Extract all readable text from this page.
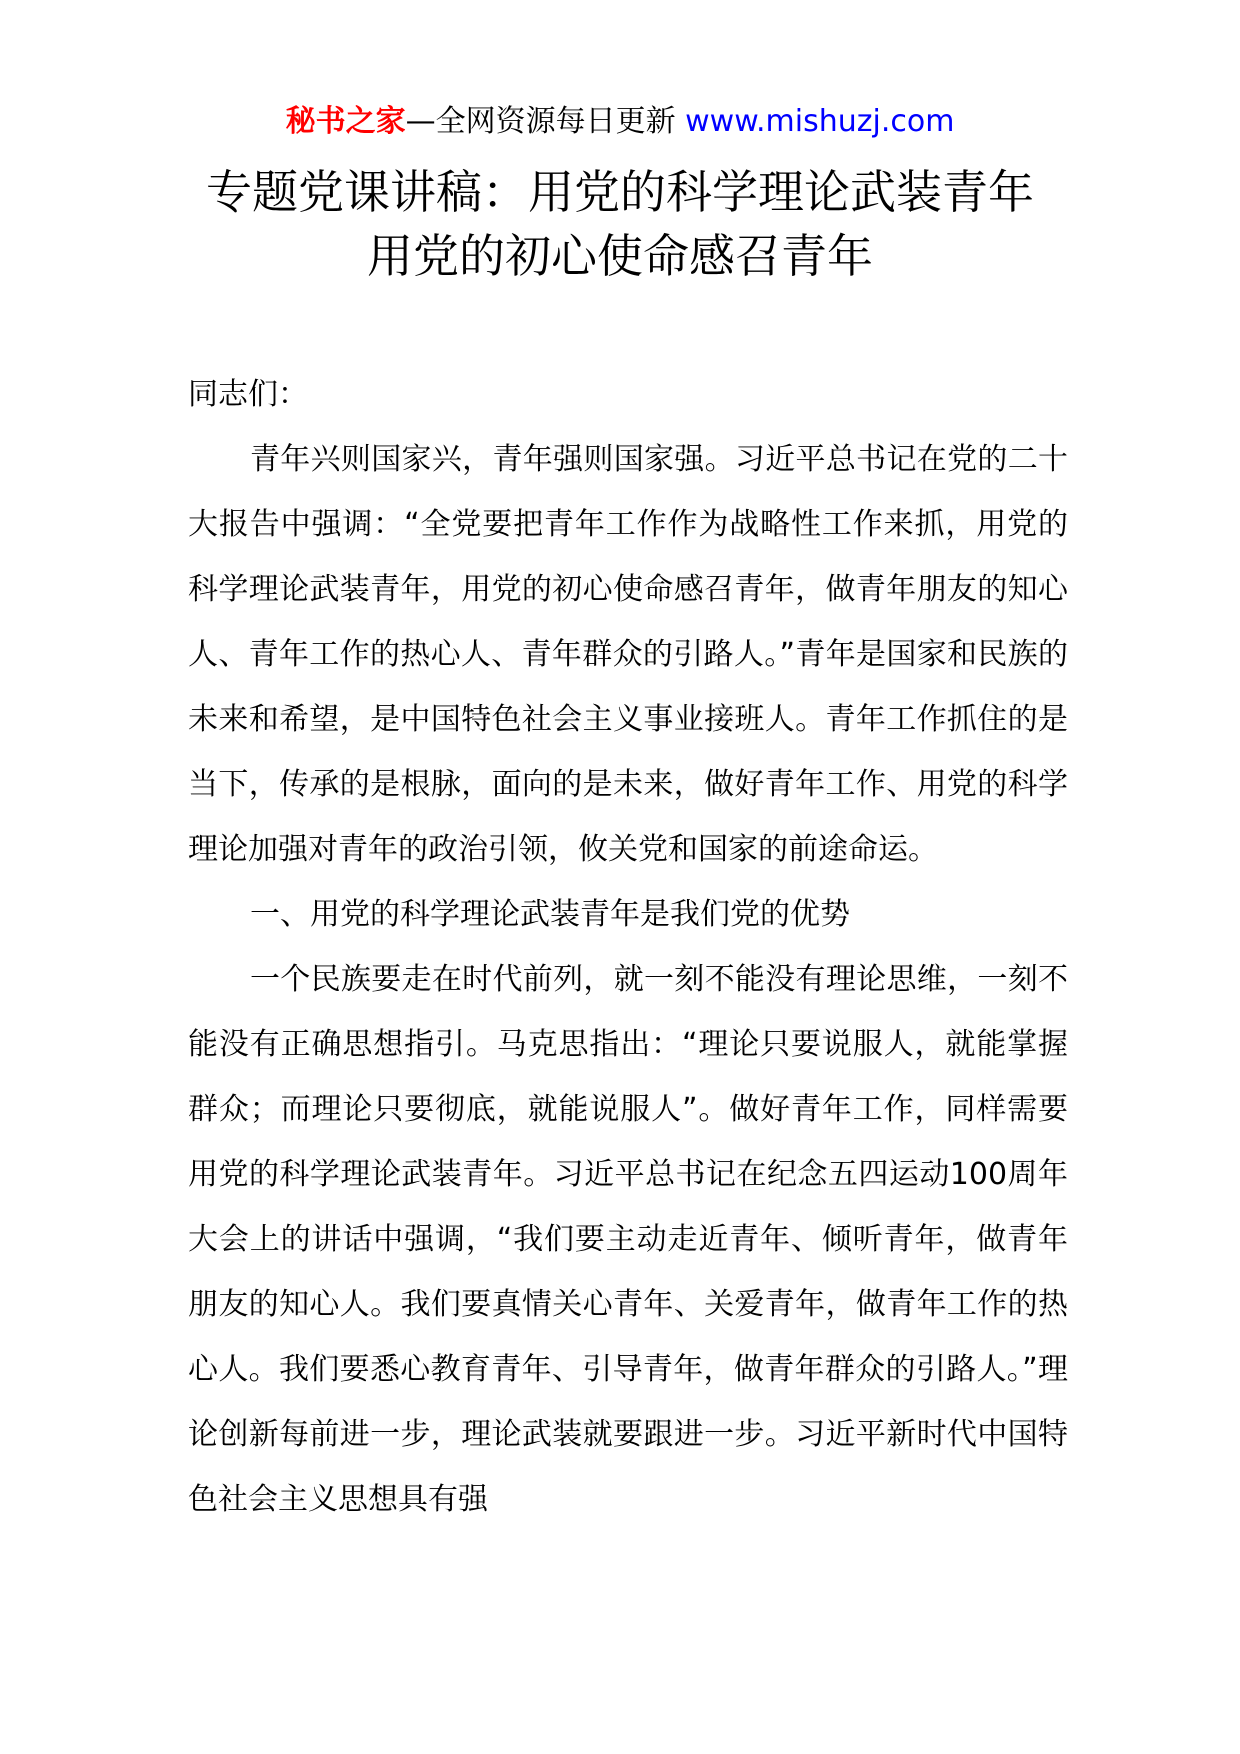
秘书之家—全网资源每日更新 www.mishuzj.com
专题党课讲稿：用党的科学理论武装青年
用党的初心使命感召青年

同志们：

青年兴则国家兴，青年强则国家强。习近平总书记在党的二十大报告中强调：“全党要把青年工作作为战略性工作来抓，用党的科学理论武装青年，用党的初心使命感召青年，做青年朋友的知心人、青年工作的热心人、青年群众的引路人。”青年是国家和民族的未来和希望，是中国特色社会主义事业接班人。青年工作抓住的是当下，传承的是根脉，面向的是未来，做好青年工作、用党的科学理论加强对青年的政治引领，攸关党和国家的前途命运。

一、用党的科学理论武装青年是我们党的优势

一个民族要走在时代前列，就一刻不能没有理论思维，一刻不能没有正确思想指引。马克思指出：“理论只要说服人，就能掌握群众；而理论只要彻底，就能说服人”。做好青年工作，同样需要用党的科学理论武装青年。习近平总书记在纪念五四运动100周年大会上的讲话中强调，“我们要主动走近青年、倾听青年，做青年朋友的知心人。我们要真情关心青年、关爱青年，做青年工作的热心人。我们要悉心教育青年、引导青年，做青年群众的引路人。”理论创新每前进一步，理论武装就要跟进一步。习近平新时代中国特色社会主义思想具有强
